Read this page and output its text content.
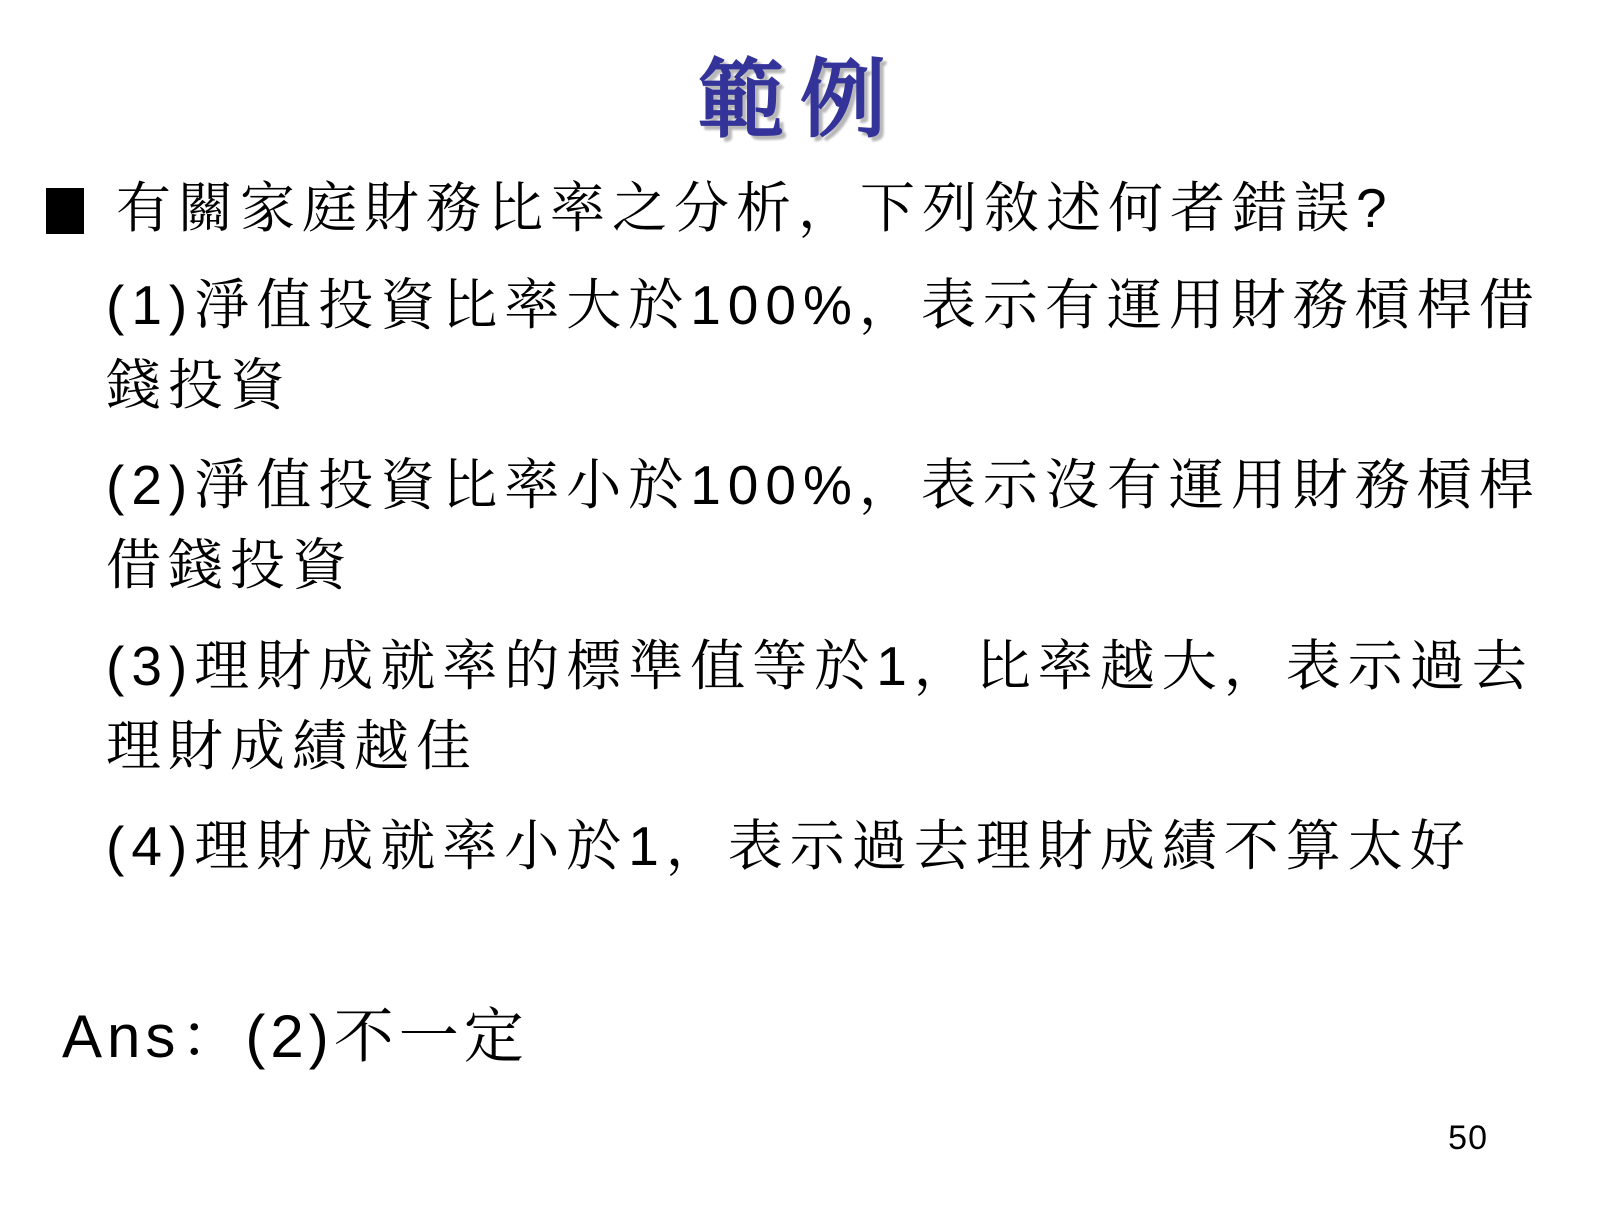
範例
有關家庭財務比率之分析，下列敘述何者錯誤?

(1)淨值投資比率大於100%，表示有運用財務槓桿借錢投資

(2)淨值投資比率小於100%，表示沒有運用財務槓桿借錢投資

(3)理財成就率的標準值等於1，比率越大，表示過去理財成績越佳

(4)理財成就率小於1，表示過去理財成績不算太好

Ans：(2)不一定

50
